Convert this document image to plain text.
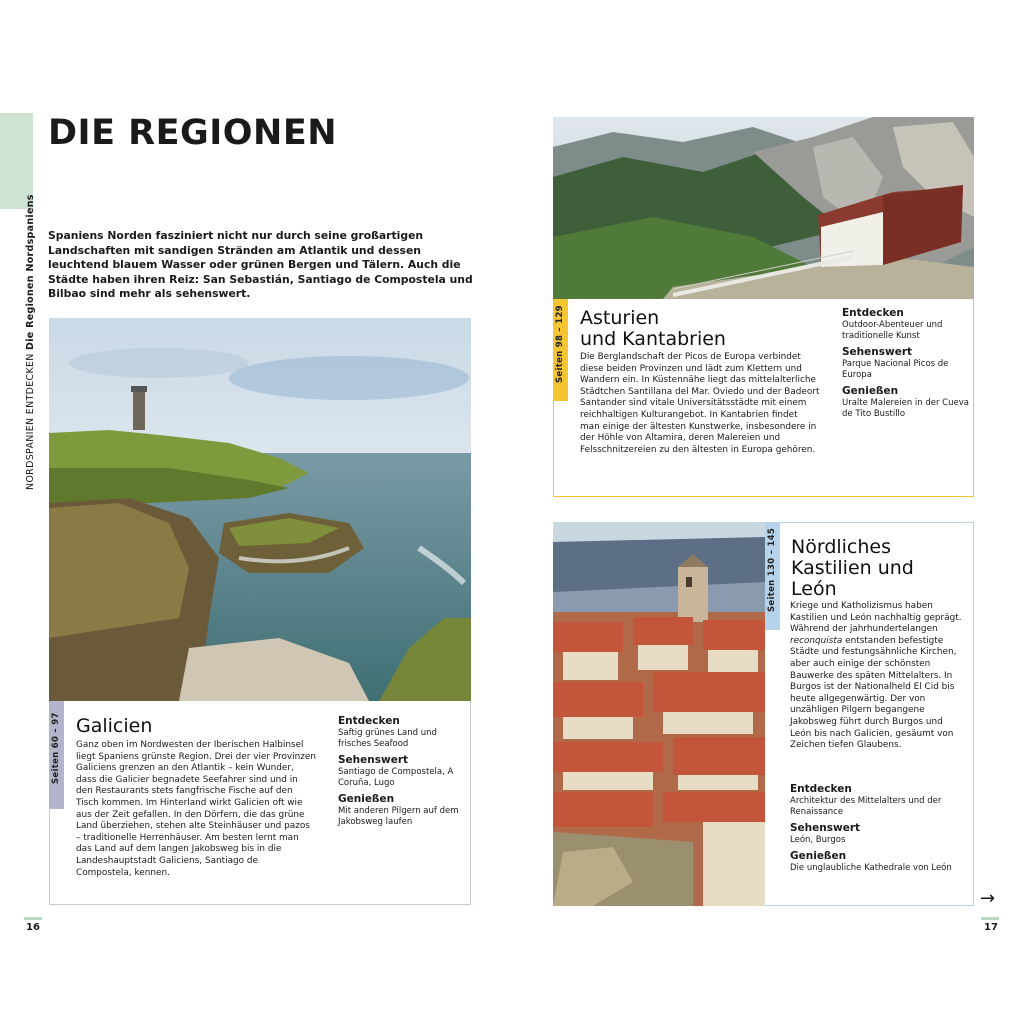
NORDSPANIEN ENTDECKEN Die Regionen Nordspaniens
DIE REGIONEN
NORDSPANIENS
Spaniens Norden fasziniert nicht nur durch seine großartigen Landschaften mit sandigen Stränden am Atlantik und dessen leuchtend blauem Wasser oder grünen Bergen und Tälern. Auch die Städte haben ihren Reiz: San Sebastián, Santiago de Compostela und Bilbao sind mehr als sehenswert.
Seiten 60 – 97 Galicien
Ganz oben im Nordwesten der Iberischen Halbinsel liegt Spaniens grünste Region. Drei der vier Provinzen Galiciens grenzen an den Atlantik – kein Wunder, dass die Galicier begnadete Seefahrer sind und in den Restaurants stets fangfrische Fische auf den Tisch kommen. Im Hinterland wirkt Galicien oft wie aus der Zeit gefallen. In den Dörfern, die das grüne Land überziehen, stehen alte Steinhäuser und pazos – traditionelle Herrenhäuser. Am besten lernt man das Land auf dem langen Jakobsweg bis in die Landeshauptstadt Galiciens, Santiago de Compostela, kennen.
Entdecken
Saftig grünes Land und frisches Seafood
Sehenswert
Santiago de Compostela, A Coruña, Lugo
Genießen
Mit anderen Pilgern auf dem Jakobsweg laufen
Seiten 98 – 129 Asturien
und Kantabrien
Die Berglandschaft der Picos de Europa verbindet diese beiden Provinzen und lädt zum Klettern und Wandern ein. In Küstennähe liegt das mittelalterliche Städtchen Santillana del Mar. Oviedo und der Badeort Santander sind vitale Universitätsstädte mit einem reichhaltigen Kulturangebot. In Kantabrien findet man einige der ältesten Kunstwerke, insbesondere in der Höhle von Altamira, deren Malereien und Felsschnitzereien zu den ältesten in Europa gehören.
Entdecken
Outdoor-Abenteuer und traditionelle Kunst
Sehenswert
Parque Nacional Picos de Europa
Genießen
Uralte Malereien in der Cueva de Tito Bustillo
Seiten 130 – 145 Nördliches
Kastilien und
León
Kriege und Katholizismus haben Kastilien und León nachhaltig geprägt. Während der jahrhundertelangen reconquista entstanden befestigte Städte und festungsähnliche Kirchen, aber auch einige der schönsten Bauwerke des späten Mittelalters. In Burgos ist der Nationalheld El Cid bis heute allgegenwärtig. Der von unzähligen Pilgern begangene Jakobsweg führt durch Burgos und León bis nach Galicien, gesäumt von Zeichen tiefen Glaubens.
Entdecken
Architektur des Mittelalters und der Renaissance
Sehenswert
León, Burgos
Genießen
Die unglaubliche Kathedrale von León
16	17
→
